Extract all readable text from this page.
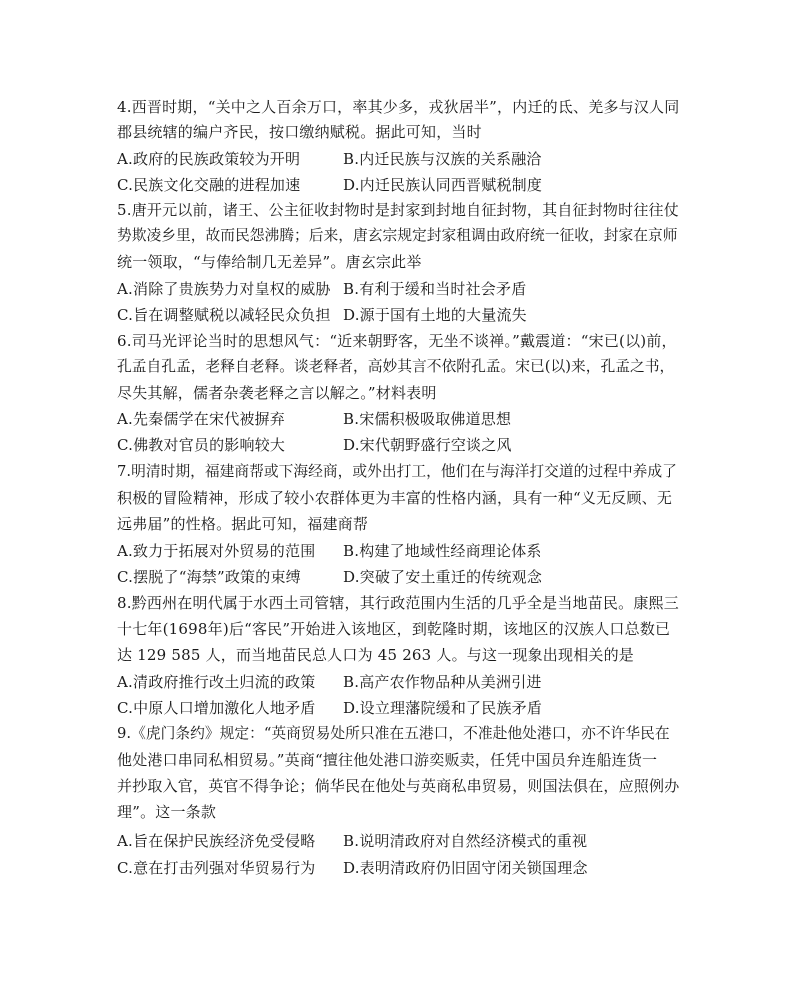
4.西晋时期，“关中之人百余万口，率其少多，戎狄居半”，内迁的氐、羌多与汉人同
郡县统辖的编户齐民，按口缴纳赋税。据此可知，当时
A.政府的民族政策较为开明	B.内迁民族与汉族的关系融洽
C.民族文化交融的进程加速	D.内迁民族认同西晋赋税制度
5.唐开元以前，诸王、公主征收封物时是封家到封地自征封物，其自征封物时往往仗
势欺凌乡里，故而民怨沸腾；后来，唐玄宗规定封家租调由政府统一征收，封家在京师
统一领取，“与俸给制几无差异”。唐玄宗此举
A.消除了贵族势力对皇权的威胁 B.有利于缓和当时社会矛盾
C.旨在调整赋税以减轻民众负担 D.源于国有土地的大量流失
6.司马光评论当时的思想风气：“近来朝野客，无坐不谈禅。”戴震道：“宋已(以)前，
孔孟自孔孟，老释自老释。谈老释者，高妙其言不依附孔孟。宋已(以)来，孔孟之书，
尽失其解，儒者杂袭老释之言以解之。”材料表明
A.先秦儒学在宋代被摒弃	B.宋儒积极吸取佛道思想
C.佛教对官员的影响较大	D.宋代朝野盛行空谈之风
7.明清时期，福建商帮或下海经商，或外出打工，他们在与海洋打交道的过程中养成了
积极的冒险精神，形成了较小农群体更为丰富的性格内涵，具有一种“义无反顾、无
远弗届”的性格。据此可知，福建商帮
A.致力于拓展对外贸易的范围 B.构建了地域性经商理论体系
C.摆脱了“海禁”政策的束缚	D.突破了安土重迁的传统观念
8.黔西州在明代属于水西土司管辖，其行政范围内生活的几乎全是当地苗民。康熙三
十七年(1698年)后“客民”开始进入该地区，到乾隆时期，该地区的汉族人口总数已
达 129 585 人，而当地苗民总人口为 45 263 人。与这一现象出现相关的是
A.清政府推行改土归流的政策 B.高产农作物品种从美洲引进
C.中原人口增加激化人地矛盾 D.设立理藩院缓和了民族矛盾
9.《虎门条约》规定：“英商贸易处所只准在五港口，不准赴他处港口，亦不许华民在
他处港口串同私相贸易。”英商“擅往他处港口游奕贩卖，任凭中国员弁连船连货一
并抄取入官，英官不得争论；倘华民在他处与英商私串贸易，则国法俱在，应照例办
理”。这一条款
A.旨在保护民族经济免受侵略 B.说明清政府对自然经济模式的重视
C.意在打击列强对华贸易行为 D.表明清政府仍旧固守闭关锁国理念
